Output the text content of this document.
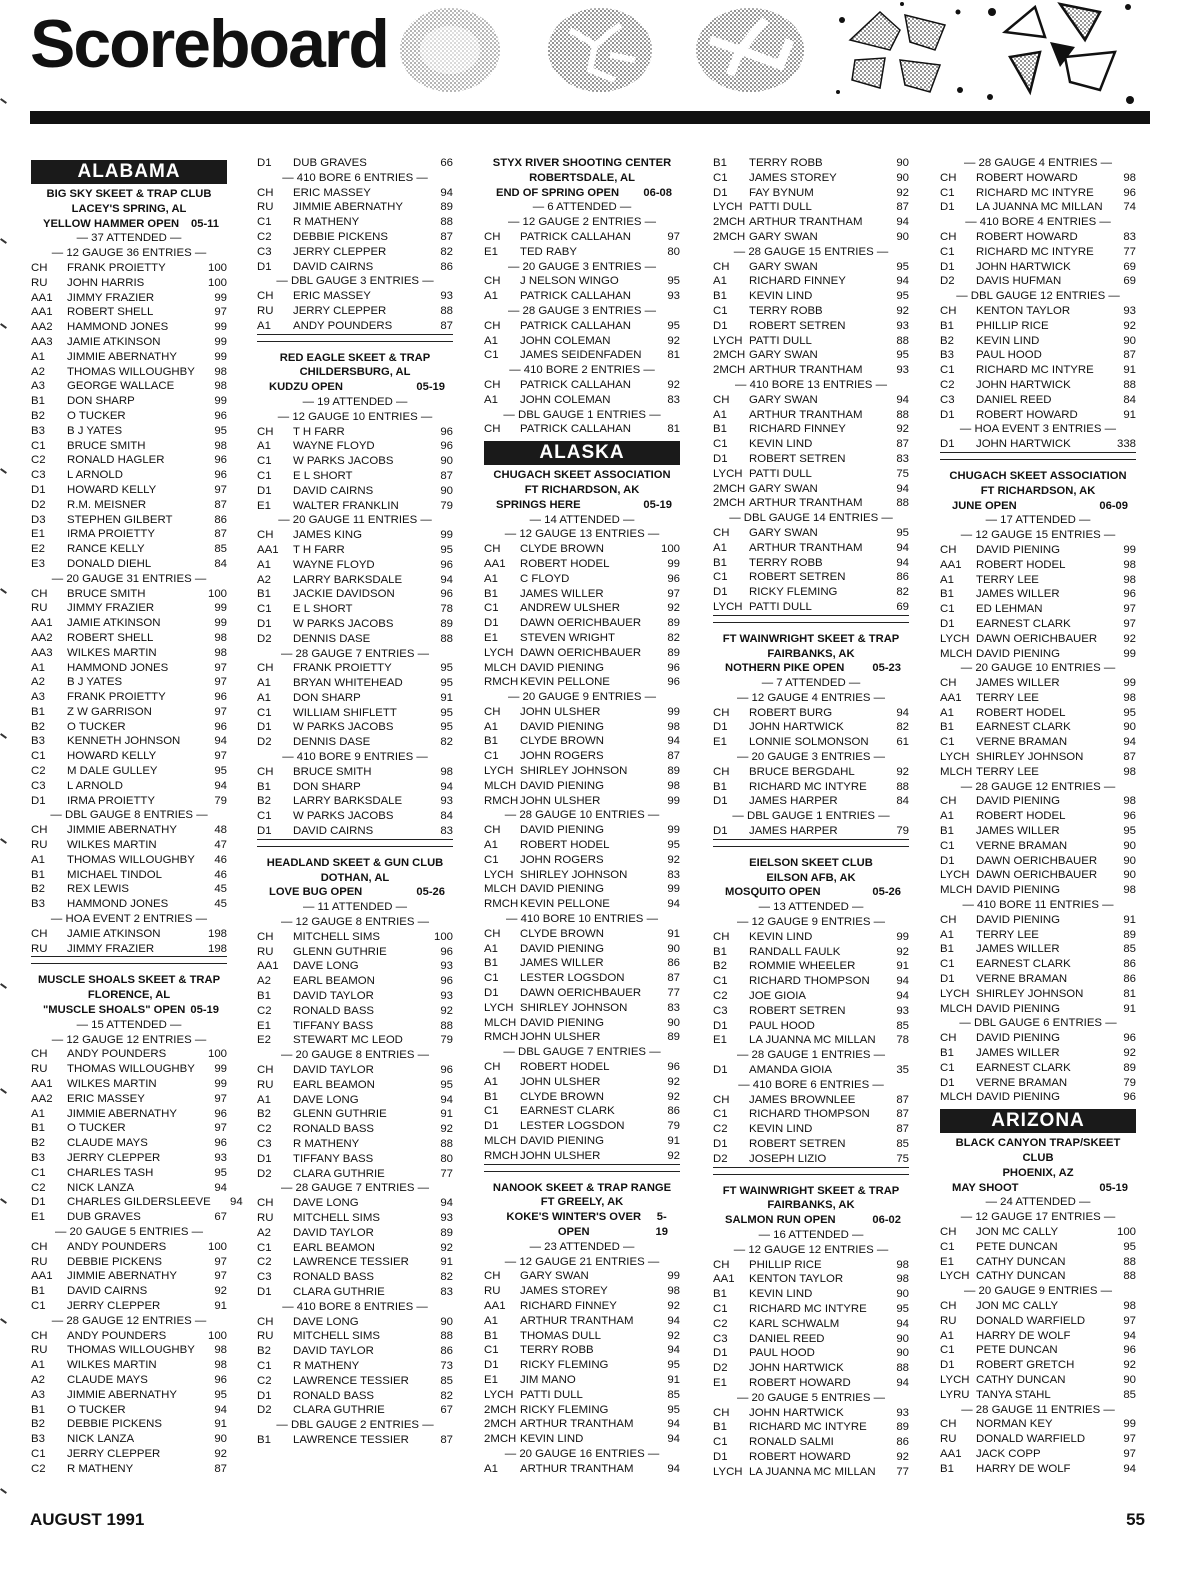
Scoreboard
ALABAMA
BIG SKY SKEET & TRAP CLUB
LACEY'S SPRING, AL
YELLOW HAMMER OPEN 05-11
— 37 ATTENDED —
— 12 GAUGE 36 ENTRIES —
CH	FRANK PROIETTY	100
RU	JOHN HARRIS	100
AA1	JIMMY FRAZIER	99
AA1	ROBERT SHELL	97
AA2	HAMMOND JONES	99
AA3	JAMIE ATKINSON	99
A1	JIMMIE ABERNATHY	99
A2	THOMAS WILLOUGHBY	98
A3	GEORGE WALLACE	98
B1	DON SHARP	99
B2	O TUCKER	96
B3	B J YATES	95
C1	BRUCE SMITH	98
C2	RONALD HAGLER	96
C3	L ARNOLD	96
D1	HOWARD KELLY	97
D2	R.M. MEISNER	87
D3	STEPHEN GILBERT	86
E1	IRMA PROIETTY	87
E2	RANCE KELLY	85
E3	DONALD DIEHL	84
— 20 GAUGE 31 ENTRIES —
CH	BRUCE SMITH	100
RU	JIMMY FRAZIER	99
AA1	JAMIE ATKINSON	99
AA2	ROBERT SHELL	98
AA3	WILKES MARTIN	98
A1	HAMMOND JONES	97
A2	B J YATES	97
A3	FRANK PROIETTY	96
B1	Z W GARRISON	97
B2	O TUCKER	96
B3	KENNETH JOHNSON	94
C1	HOWARD KELLY	97
C2	M DALE GULLEY	95
C3	L ARNOLD	94
D1	IRMA PROIETTY	79
— DBL GAUGE 8 ENTRIES —
CH	JIMMIE ABERNATHY	48
RU	WILKES MARTIN	47
A1	THOMAS WILLOUGHBY	46
B1	MICHAEL TINDOL	46
B2	REX LEWIS	45
B3	HAMMOND JONES	45
— HOA EVENT 2 ENTRIES —
CH	JAMIE ATKINSON	198
RU	JIMMY FRAZIER	198
MUSCLE SHOALS SKEET & TRAP
FLORENCE, AL
"MUSCLE SHOALS" OPEN 05-19
— 15 ATTENDED —
— 12 GAUGE 12 ENTRIES —
CH	ANDY POUNDERS	100
RU	THOMAS WILLOUGHBY	99
AA1	WILKES MARTIN	99
AA2	ERIC MASSEY	97
A1	JIMMIE ABERNATHY	96
B1	O TUCKER	97
B2	CLAUDE MAYS	96
B3	JERRY CLEPPER	93
C1	CHARLES TASH	95
C2	NICK LANZA	94
D1	CHARLES GILDERSLEEVE	94
E1	DUB GRAVES	67
— 20 GAUGE 5 ENTRIES —
CH	ANDY POUNDERS	100
RU	DEBBIE PICKENS	97
AA1	JIMMIE ABERNATHY	97
B1	DAVID CAIRNS	92
C1	JERRY CLEPPER	91
— 28 GAUGE 12 ENTRIES —
CH	ANDY POUNDERS	100
RU	THOMAS WILLOUGHBY	98
A1	WILKES MARTIN	98
A2	CLAUDE MAYS	96
A3	JIMMIE ABERNATHY	95
B1	O TUCKER	94
B2	DEBBIE PICKENS	91
B3	NICK LANZA	90
C1	JERRY CLEPPER	92
C2	R MATHENY	87
D1	DUB GRAVES	66
— 410 BORE 6 ENTRIES —
CH	ERIC MASSEY	94
RU	JIMMIE ABERNATHY	89
C1	R MATHENY	88
C2	DEBBIE PICKENS	87
C3	JERRY CLEPPER	82
D1	DAVID CAIRNS	86
— DBL GAUGE 3 ENTRIES —
CH	ERIC MASSEY	93
RU	JERRY CLEPPER	88
A1	ANDY POUNDERS	87
RED EAGLE SKEET & TRAP
CHILDERSBURG, AL
KUDZU OPEN	05-19
— 19 ATTENDED —
— 12 GAUGE 10 ENTRIES —
CH	T H FARR	96
A1	WAYNE FLOYD	96
C1	W PARKS JACOBS	90
C1	E L SHORT	87
D1	DAVID CAIRNS	90
E1	WALTER FRANKLIN	79
— 20 GAUGE 11 ENTRIES —
CH	JAMES KING	99
AA1	T H FARR	95
A1	WAYNE FLOYD	96
A2	LARRY BARKSDALE	94
B1	JACKIE DAVIDSON	96
C1	E L SHORT	78
D1	W PARKS JACOBS	89
D2	DENNIS DASE	88
— 28 GAUGE 7 ENTRIES —
CH	FRANK PROIETTY	95
A1	BRYAN WHITEHEAD	95
A1	DON SHARP	91
C1	WILLIAM SHIFLETT	95
D1	W PARKS JACOBS	95
D2	DENNIS DASE	82
— 410 BORE 9 ENTRIES —
CH	BRUCE SMITH	98
B1	DON SHARP	94
B2	LARRY BARKSDALE	93
C1	W PARKS JACOBS	84
D1	DAVID CAIRNS	83
HEADLAND SKEET & GUN CLUB
DOTHAN, AL
LOVE BUG OPEN	05-26
— 11 ATTENDED —
— 12 GAUGE 8 ENTRIES —
CH	MITCHELL SIMS	100
RU	GLENN GUTHRIE	96
AA1	DAVE LONG	93
A2	EARL BEAMON	96
B1	DAVID TAYLOR	93
C2	RONALD BASS	92
E1	TIFFANY BASS	88
E2	STEWART MC LEOD	79
— 20 GAUGE 8 ENTRIES —
CH	DAVID TAYLOR	96
RU	EARL BEAMON	95
A1	DAVE LONG	94
B2	GLENN GUTHRIE	91
C2	RONALD BASS	92
C3	R MATHENY	88
D1	TIFFANY BASS	80
D2	CLARA GUTHRIE	77
— 28 GAUGE 7 ENTRIES —
CH	DAVE LONG	94
RU	MITCHELL SIMS	93
A2	DAVID TAYLOR	89
C1	EARL BEAMON	92
C2	LAWRENCE TESSIER	91
C3	RONALD BASS	82
D1	CLARA GUTHRIE	83
— 410 BORE 8 ENTRIES —
CH	DAVE LONG	90
RU	MITCHELL SIMS	88
B2	DAVID TAYLOR	86
C1	R MATHENY	73
C2	LAWRENCE TESSIER	85
D1	RONALD BASS	82
D2	CLARA GUTHRIE	67
— DBL GAUGE 2 ENTRIES —
B1	LAWRENCE TESSIER	87
STYX RIVER SHOOTING CENTER
ROBERTSDALE, AL
END OF SPRING OPEN 06-08
— 6 ATTENDED —
— 12 GAUGE 2 ENTRIES —
CH	PATRICK CALLAHAN	97
E1	TED RABY	80
— 20 GAUGE 3 ENTRIES —
CH	J NELSON WINGO	95
A1	PATRICK CALLAHAN	93
— 28 GAUGE 3 ENTRIES —
CH	PATRICK CALLAHAN	95
A1	JOHN COLEMAN	92
C1	JAMES SEIDENFADEN	81
— 410 BORE 2 ENTRIES —
CH	PATRICK CALLAHAN	92
A1	JOHN COLEMAN	83
— DBL GAUGE 1 ENTRIES —
CH	PATRICK CALLAHAN	81
ALASKA
CHUGACH SKEET ASSOCIATION
FT RICHARDSON, AK
SPRINGS HERE	05-19
— 14 ATTENDED —
— 12 GAUGE 13 ENTRIES —
CH	CLYDE BROWN	100
AA1	ROBERT HODEL	99
A1	C FLOYD	96
B1	JAMES WILLER	97
C1	ANDREW ULSHER	92
D1	DAWN OERICHBAUER	89
E1	STEVEN WRIGHT	82
LYCH DAWN OERICHBAUER	89
MLCH DAVID PIENING	96
RMCH KEVIN PELLONE	96
— 20 GAUGE 9 ENTRIES —
CH	JOHN ULSHER	99
A1	DAVID PIENING	98
B1	CLYDE BROWN	94
C1	JOHN ROGERS	87
LYCH SHIRLEY JOHNSON	89
MLCH DAVID PIENING	98
RMCH JOHN ULSHER	99
— 28 GAUGE 10 ENTRIES —
CH	DAVID PIENING	99
A1	ROBERT HODEL	95
C1	JOHN ROGERS	92
LYCH SHIRLEY JOHNSON	83
MLCH DAVID PIENING	99
RMCH KEVIN PELLONE	94
— 410 BORE 10 ENTRIES —
CH	CLYDE BROWN	91
A1	DAVID PIENING	90
B1	JAMES WILLER	86
C1	LESTER LOGSDON	87
D1	DAWN OERICHBAUER	77
LYCH SHIRLEY JOHNSON	83
MLCH DAVID PIENING	90
RMCH JOHN ULSHER	89
— DBL GAUGE 7 ENTRIES —
CH	ROBERT HODEL	96
A1	JOHN ULSHER	92
B1	CLYDE BROWN	92
C1	EARNEST CLARK	86
D1	LESTER LOGSDON	79
MLCH DAVID PIENING	91
RMCH JOHN ULSHER	92
NANOOK SKEET & TRAP RANGE
FT GREELY, AK
KOKE'S WINTER'S OVER OPEN
5-19
— 23 ATTENDED —
— 12 GAUGE 21 ENTRIES —
CH	GARY SWAN	99
RU	JAMES STOREY	98
AA1	RICHARD FINNEY	92
A1	ARTHUR TRANTHAM	94
B1	THOMAS DULL	92
C1	TERRY ROBB	94
D1	RICKY FLEMING	95
E1	JIM MANO	91
LYCH PATTI DULL	85
2MCH RICKY FLEMING	95
2MCH ARTHUR TRANTHAM	94
2MCH KEVIN LIND	94
— 20 GAUGE 16 ENTRIES —
A1	ARTHUR TRANTHAM	94
B1	TERRY ROBB	90
C1	JAMES STOREY	90
D1	FAY BYNUM	92
LYCH PATTI DULL	87
2MCH ARTHUR TRANTHAM	94
2MCH GARY SWAN	90
— 28 GAUGE 15 ENTRIES —
CH	GARY SWAN	95
A1	RICHARD FINNEY	94
B1	KEVIN LIND	95
C1	TERRY ROBB	92
D1	ROBERT SETREN	93
LYCH PATTI DULL	88
2MCH GARY SWAN	95
2MCH ARTHUR TRANTHAM	93
— 410 BORE 13 ENTRIES —
CH	GARY SWAN	94
A1	ARTHUR TRANTHAM	88
B1	RICHARD FINNEY	92
C1	KEVIN LIND	87
D1	ROBERT SETREN	83
LYCH PATTI DULL	75
2MCH GARY SWAN	94
2MCH ARTHUR TRANTHAM	88
— DBL GAUGE 14 ENTRIES —
CH	GARY SWAN	95
A1	ARTHUR TRANTHAM	94
B1	TERRY ROBB	94
C1	ROBERT SETREN	86
D1	RICKY FLEMING	82
LYCH PATTI DULL	69
FT WAINWRIGHT SKEET & TRAP
FAIRBANKS, AK
NOTHERN PIKE OPEN	05-23
— 7 ATTENDED —
— 12 GAUGE 4 ENTRIES —
CH	ROBERT BURG	94
D1	JOHN HARTWICK	82
E1	LONNIE SOLMONSON	61
— 20 GAUGE 3 ENTRIES —
CH	BRUCE BERGDAHL	92
B1	RICHARD MC INTYRE	88
D1	JAMES HARPER	84
— DBL GAUGE 1 ENTRIES —
D1	JAMES HARPER	79
EIELSON SKEET CLUB
EILSON AFB, AK
MOSQUITO OPEN	05-26
— 13 ATTENDED —
— 12 GAUGE 9 ENTRIES —
CH	KEVIN LIND	99
B1	RANDALL FAULK	92
B2	ROMMIE WHEELER	91
C1	RICHARD THOMPSON	94
C2	JOE GIOIA	94
C3	ROBERT SETREN	93
D1	PAUL HOOD	85
E1	LA JUANNA MC MILLAN	78
— 28 GAUGE 1 ENTRIES —
D1	AMANDA GIOIA	35
— 410 BORE 6 ENTRIES —
CH	JAMES BROWNLEE	87
C1	RICHARD THOMPSON	87
C2	KEVIN LIND	87
D1	ROBERT SETREN	85
D2	JOSEPH LIZIO	75
FT WAINWRIGHT SKEET & TRAP
FAIRBANKS, AK
SALMON RUN OPEN	06-02
— 16 ATTENDED —
— 12 GAUGE 12 ENTRIES —
CH	PHILLIP RICE	98
AA1	KENTON TAYLOR	98
B1	KEVIN LIND	90
C1	RICHARD MC INTYRE	95
C2	KARL SCHWALM	94
C3	DANIEL REED	90
D1	PAUL HOOD	90
D2	JOHN HARTWICK	88
E1	ROBERT HOWARD	94
— 20 GAUGE 5 ENTRIES —
CH	JOHN HARTWICK	93
B1	RICHARD MC INTYRE	89
C1	RONALD SALMI	86
D1	ROBERT HOWARD	92
LYCH LA JUANNA MC MILLAN	77
— 28 GAUGE 4 ENTRIES —
CH	ROBERT HOWARD	98
C1	RICHARD MC INTYRE	96
D1	LA JUANNA MC MILLAN	74
— 410 BORE 4 ENTRIES —
CH	ROBERT HOWARD	83
C1	RICHARD MC INTYRE	77
D1	JOHN HARTWICK	69
D2	DAVIS HUFMAN	69
— DBL GAUGE 12 ENTRIES —
CH	KENTON TAYLOR	93
B1	PHILLIP RICE	92
B2	KEVIN LIND	90
B3	PAUL HOOD	87
C1	RICHARD MC INTYRE	91
C2	JOHN HARTWICK	88
C3	DANIEL REED	84
D1	ROBERT HOWARD	91
— HOA EVENT 3 ENTRIES —
D1	JOHN HARTWICK	338
CHUGACH SKEET ASSOCIATION
FT RICHARDSON, AK
JUNE OPEN	06-09
— 17 ATTENDED —
— 12 GAUGE 15 ENTRIES —
CH	DAVID PIENING	99
AA1	ROBERT HODEL	98
A1	TERRY LEE	98
B1	JAMES WILLER	96
C1	ED LEHMAN	97
D1	EARNEST CLARK	97
LYCH DAWN OERICHBAUER	92
MLCH DAVID PIENING	99
— 20 GAUGE 10 ENTRIES —
CH	JAMES WILLER	99
AA1	TERRY LEE	98
A1	ROBERT HODEL	95
B1	EARNEST CLARK	90
C1	VERNE BRAMAN	94
LYCH SHIRLEY JOHNSON	87
MLCH TERRY LEE	98
— 28 GAUGE 12 ENTRIES —
CH	DAVID PIENING	98
A1	ROBERT HODEL	96
B1	JAMES WILLER	95
C1	VERNE BRAMAN	90
D1	DAWN OERICHBAUER	90
LYCH DAWN OERICHBAUER	90
MLCH DAVID PIENING	98
— 410 BORE 11 ENTRIES —
CH	DAVID PIENING	91
A1	TERRY LEE	89
B1	JAMES WILLER	85
C1	EARNEST CLARK	86
D1	VERNE BRAMAN	86
LYCH SHIRLEY JOHNSON	81
MLCH DAVID PIENING	91
— DBL GAUGE 6 ENTRIES —
CH	DAVID PIENING	96
B1	JAMES WILLER	92
C1	EARNEST CLARK	89
D1	VERNE BRAMAN	79
MLCH DAVID PIENING	96
ARIZONA
BLACK CANYON TRAP/SKEET CLUB
PHOENIX, AZ
MAY SHOOT	05-19
— 24 ATTENDED —
— 12 GAUGE 17 ENTRIES —
CH	JON MC CALLY	100
C1	PETE DUNCAN	95
E1	CATHY DUNCAN	88
LYCH CATHY DUNCAN	88
— 20 GAUGE 9 ENTRIES —
CH	JON MC CALLY	98
RU	DONALD WARFIELD	97
A1	HARRY DE WOLF	94
C1	PETE DUNCAN	96
D1	ROBERT GRETCH	92
LYCH CATHY DUNCAN	90
LYRU TANYA STAHL	85
— 28 GAUGE 11 ENTRIES —
CH	NORMAN KEY	99
RU	DONALD WARFIELD	97
AA1	JACK COPP	97
B1	HARRY DE WOLF	94
AUGUST 1991	55
